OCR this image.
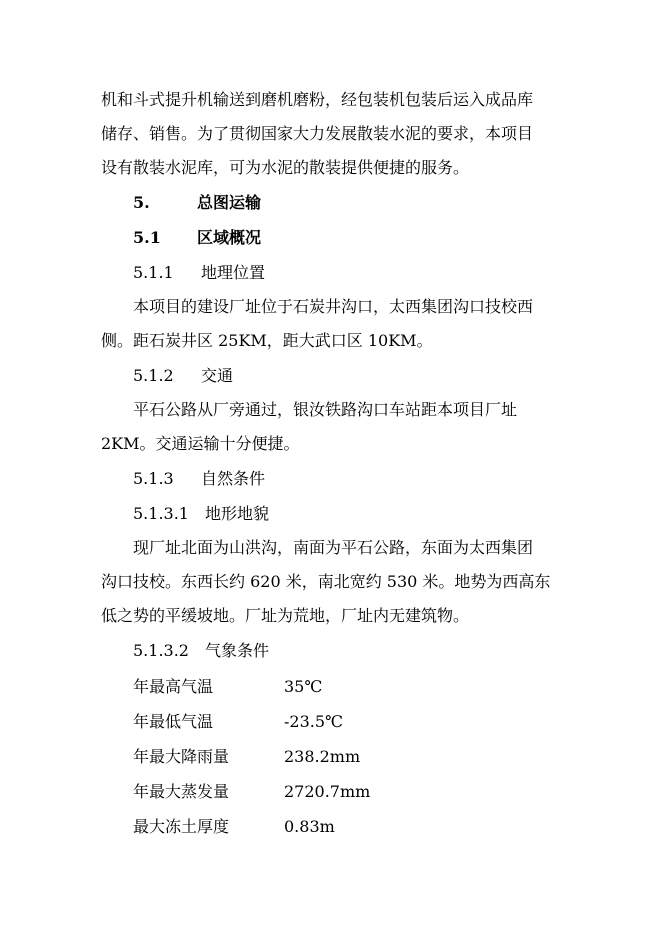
机和斗式提升机输送到磨机磨粉，经包装机包装后运入成品库
储存、销售。为了贯彻国家大力发展散装水泥的要求，本项目
设有散装水泥库，可为水泥的散装提供便捷的服务。
5.	总图运输
5.1 区域概况
5.1.1 地理位置
本项目的建设厂址位于石炭井沟口，太西集团沟口技校西
侧。距石炭井区 25KM，距大武口区 10KM。
5.1.2 交通
平石公路从厂旁通过，银汝铁路沟口车站距本项目厂址
2KM。交通运输十分便捷。
5.1.3 自然条件
5.1.3.1 地形地貌
现厂址北面为山洪沟，南面为平石公路，东面为太西集团
沟口技校。东西长约 620 米，南北宽约 530 米。地势为西高东
低之势的平缓坡地。厂址为荒地，厂址内无建筑物。
5.1.3.2 气象条件
年最高气温	35℃
年最低气温	-23.5℃
年最大降雨量	238.2mm
年最大蒸发量	2720.7mm
最大冻土厚度	0.83m
